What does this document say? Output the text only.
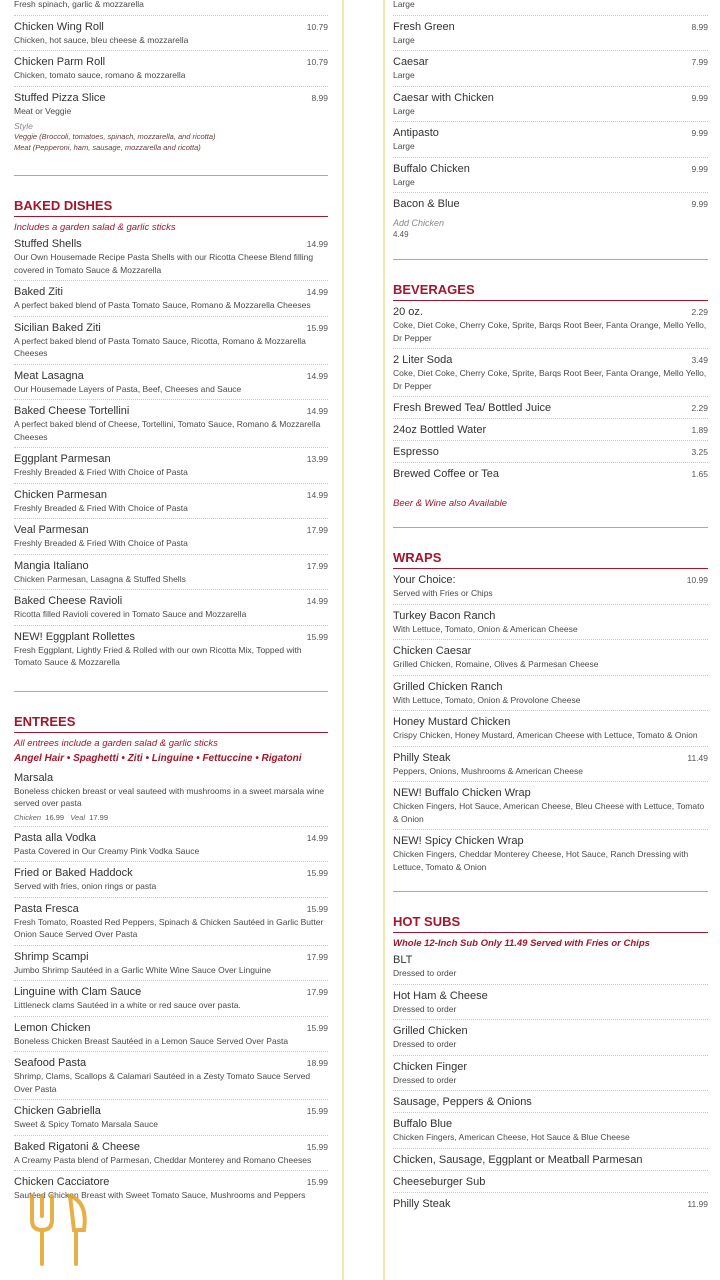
Fresh spinach, garlic & mozzarella
Chicken Wing Roll	10.79
Chicken, hot sauce, bleu cheese & mozzarella
Chicken Parm Roll	10.79
Chicken, tomato sauce, romano & mozzarella
Stuffed Pizza Slice	8.99
Meat or Veggie
Style
Veggie (Broccoli, tomatoes, spinach, mozzarella, and ricotta)
Meat (Pepperoni, ham, sausage, mozzarella and ricotta)
BAKED DISHES
Includes a garden salad & garlic sticks
Stuffed Shells	14.99
Our Own Housemade Recipe Pasta Shells with our Ricotta Cheese Blend filling covered in Tomato Sauce & Mozzarella
Baked Ziti	14.99
A perfect baked blend of Pasta Tomato Sauce, Romano & Mozzarella Cheeses
Sicilian Baked Ziti	15.99
A perfect baked blend of Pasta Tomato Sauce, Ricotta, Romano & Mozzarella Cheeses
Meat Lasagna	14.99
Our Housemade Layers of Pasta, Beef, Cheeses and Sauce
Baked Cheese Tortellini	14.99
A perfect baked blend of Cheese, Tortellini, Tomato Sauce, Romano & Mozzarella Cheeses
Eggplant Parmesan	13.99
Freshly Breaded & Fried With Choice of Pasta
Chicken Parmesan	14.99
Freshly Breaded & Fried With Choice of Pasta
Veal Parmesan	17.99
Freshly Breaded & Fried With Choice of Pasta
Mangia Italiano	17.99
Chicken Parmesan, Lasagna & Stuffed Shells
Baked Cheese Ravioli	14.99
Ricotta filled Ravioli covered in Tomato Sauce and Mozzarella
NEW! Eggplant Rollettes	15.99
Fresh Eggplant, Lightly Fried & Rolled with our own Ricotta Mix, Topped with Tomato Sauce & Mozzarella
ENTREES
All entrees include a garden salad & garlic sticks
Angel Hair • Spaghetti • Ziti • Linguine • Fettuccine • Rigatoni
Marsala
Boneless chicken breast or veal sauteed with mushrooms in a sweet marsala wine served over pasta
Chicken 16.99 Veal 17.99
Pasta alla Vodka	14.99
Pasta Covered in Our Creamy Pink Vodka Sauce
Fried or Baked Haddock	15.99
Served with fries, onion rings or pasta
Pasta Fresca	15.99
Fresh Tomato, Roasted Red Peppers, Spinach & Chicken Sautéed in Garlic Butter Onion Sauce Served Over Pasta
Shrimp Scampi	17.99
Jumbo Shrimp Sautéed in a Garlic White Wine Sauce Over Linguine
Linguine with Clam Sauce	17.99
Littleneck clams Sautéed in a white or red sauce over pasta.
Lemon Chicken	15.99
Boneless Chicken Breast Sautéed in a Lemon Sauce Served Over Pasta
Seafood Pasta	18.99
Shrimp, Clams, Scallops & Calamari Sautéed in a Zesty Tomato Sauce Served Over Pasta
Chicken Gabriella	15.99
Sweet & Spicy Tomato Marsala Sauce
Baked Rigatoni & Cheese	15.99
A Creamy Pasta blend of Parmesan, Cheddar Monterey and Romano Cheeses
Chicken Cacciatore	15.99
Sautéed Chicken Breast with Sweet Tomato Sauce, Mushrooms and Peppers
Large
Fresh Green	8.99
Large
Caesar	7.99
Large
Caesar with Chicken	9.99
Large
Antipasto	9.99
Large
Buffalo Chicken	9.99
Large
Bacon & Blue	9.99
Add Chicken
4.49
BEVERAGES
20 oz.	2.29
Coke, Diet Coke, Cherry Coke, Sprite, Barqs Root Beer, Fanta Orange, Mello Yello, Dr Pepper
2 Liter Soda	3.49
Coke, Diet Coke, Cherry Coke, Sprite, Barqs Root Beer, Fanta Orange, Mello Yello, Dr Pepper
Fresh Brewed Tea/ Bottled Juice	2.29
24oz Bottled Water	1.89
Espresso	3.25
Brewed Coffee or Tea	1.65
Beer & Wine also Available
WRAPS
Your Choice:	10.99
Served with Fries or Chips
Turkey Bacon Ranch
With Lettuce, Tomato, Onion & American Cheese
Chicken Caesar
Grilled Chicken, Romaine, Olives & Parmesan Cheese
Grilled Chicken Ranch
With Lettuce, Tomato, Onion & Provolone Cheese
Honey Mustard Chicken
Crispy Chicken, Honey Mustard, American Cheese with Lettuce, Tomato & Onion
Philly Steak	11.49
Peppers, Onions, Mushrooms & American Cheese
NEW! Buffalo Chicken Wrap
Chicken Fingers, Hot Sauce, American Cheese, Bleu Cheese with Lettuce, Tomato & Onion
NEW! Spicy Chicken Wrap
Chicken Fingers, Cheddar Monterey Cheese, Hot Sauce, Ranch Dressing with Lettuce, Tomato & Onion
HOT SUBS
Whole 12-Inch Sub Only 11.49 Served with Fries or Chips
BLT
Dressed to order
Hot Ham & Cheese
Dressed to order
Grilled Chicken
Dressed to order
Chicken Finger
Dressed to order
Sausage, Peppers & Onions
Buffalo Blue
Chicken Fingers, American Cheese, Hot Sauce & Blue Cheese
Chicken, Sausage, Eggplant or Meatball Parmesan
Cheeseburger Sub
Philly Steak	11.99
